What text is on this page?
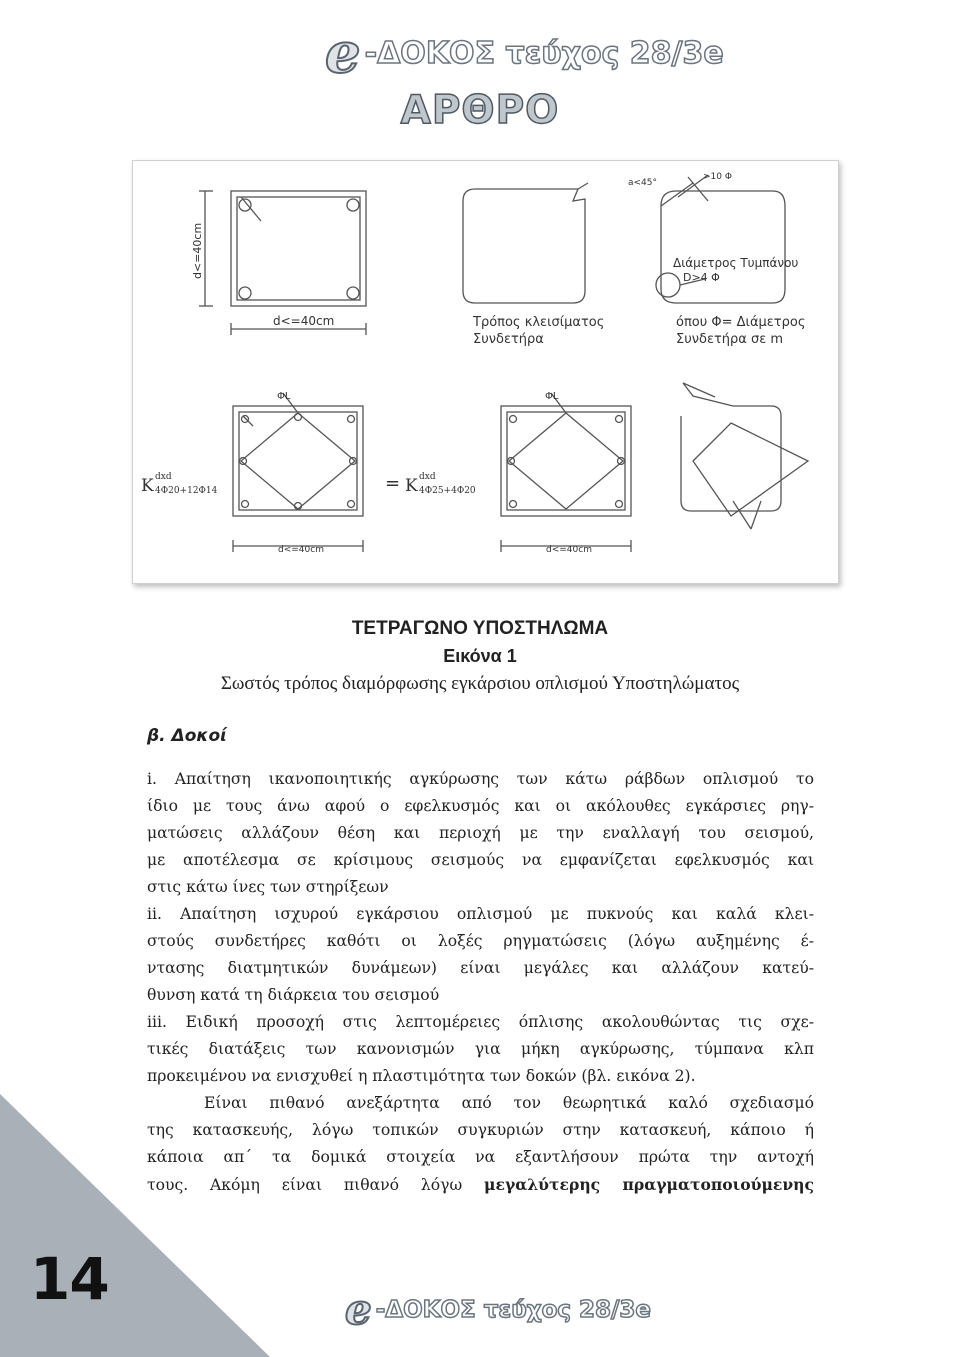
14
e -ΔΟΚΟΣ τεύχος 28/3e
ΑΡΘΡΟ
d<=40cm
d<=40cm
a<45°
>10 Φ
Διάμετρος Τυμπάνου
D>4 Φ
Τρόπος κλεισίματος
Συνδετήρα
όπου Φ= Διάμετρος
Συνδετήρα σε m
ΦL	ΦL
K dxd
4Φ20+12Φ14	= K dxd
4Φ25+4Φ20
d<=40cm	d<=40cm
ΤΕΤΡΑΓΩΝΟ ΥΠΟΣΤΗΛΩΜΑ
Εικόνα 1
Σωστός τρόπος διαμόρφωσης εγκάρσιου οπλισμού Υποστηλώματος
β. Δοκοί
i. Απαίτηση ικανοποιητικής αγκύρωσης των κάτω ράβδων οπλισμού το
ίδιο με τους άνω αφού ο εφελκυσμός και οι ακόλουθες εγκάρσιες ρηγ-
ματώσεις αλλάζουν θέση και περιοχή με την εναλλαγή του σεισμού,
με αποτέλεσμα σε κρίσιμους σεισμούς να εμφανίζεται εφελκυσμός και
στις κάτω ίνες των στηρίξεων
ii. Απαίτηση ισχυρού εγκάρσιου οπλισμού με πυκνούς και καλά κλει-
στούς συνδετήρες καθότι οι λοξές ρηγματώσεις (λόγω αυξημένης έ-
ντασης διατμητικών δυνάμεων) είναι μεγάλες και αλλάζουν κατεύ-
θυνση κατά τη διάρκεια του σεισμού
iii. Ειδική προσοχή στις λεπτομέρειες όπλισης ακολουθώντας τις σχε-
τικές διατάξεις των κανονισμών για μήκη αγκύρωσης, τύμπανα κλπ
προκειμένου να ενισχυθεί η πλαστιμότητα των δοκών (βλ. εικόνα 2).
Είναι πιθανό ανεξάρτητα από τον θεωρητικά καλό σχεδιασμό
της κατασκευής, λόγω τοπικών συγκυριών στην κατασκευή, κάποιο ή
κάποια απ΄ τα δομικά στοιχεία να εξαντλήσουν πρώτα την αντοχή
τους. Ακόμη είναι πιθανό λόγω μεγαλύτερης πραγματοποιούμενης
e -ΔΟΚΟΣ τεύχος 28/3e
